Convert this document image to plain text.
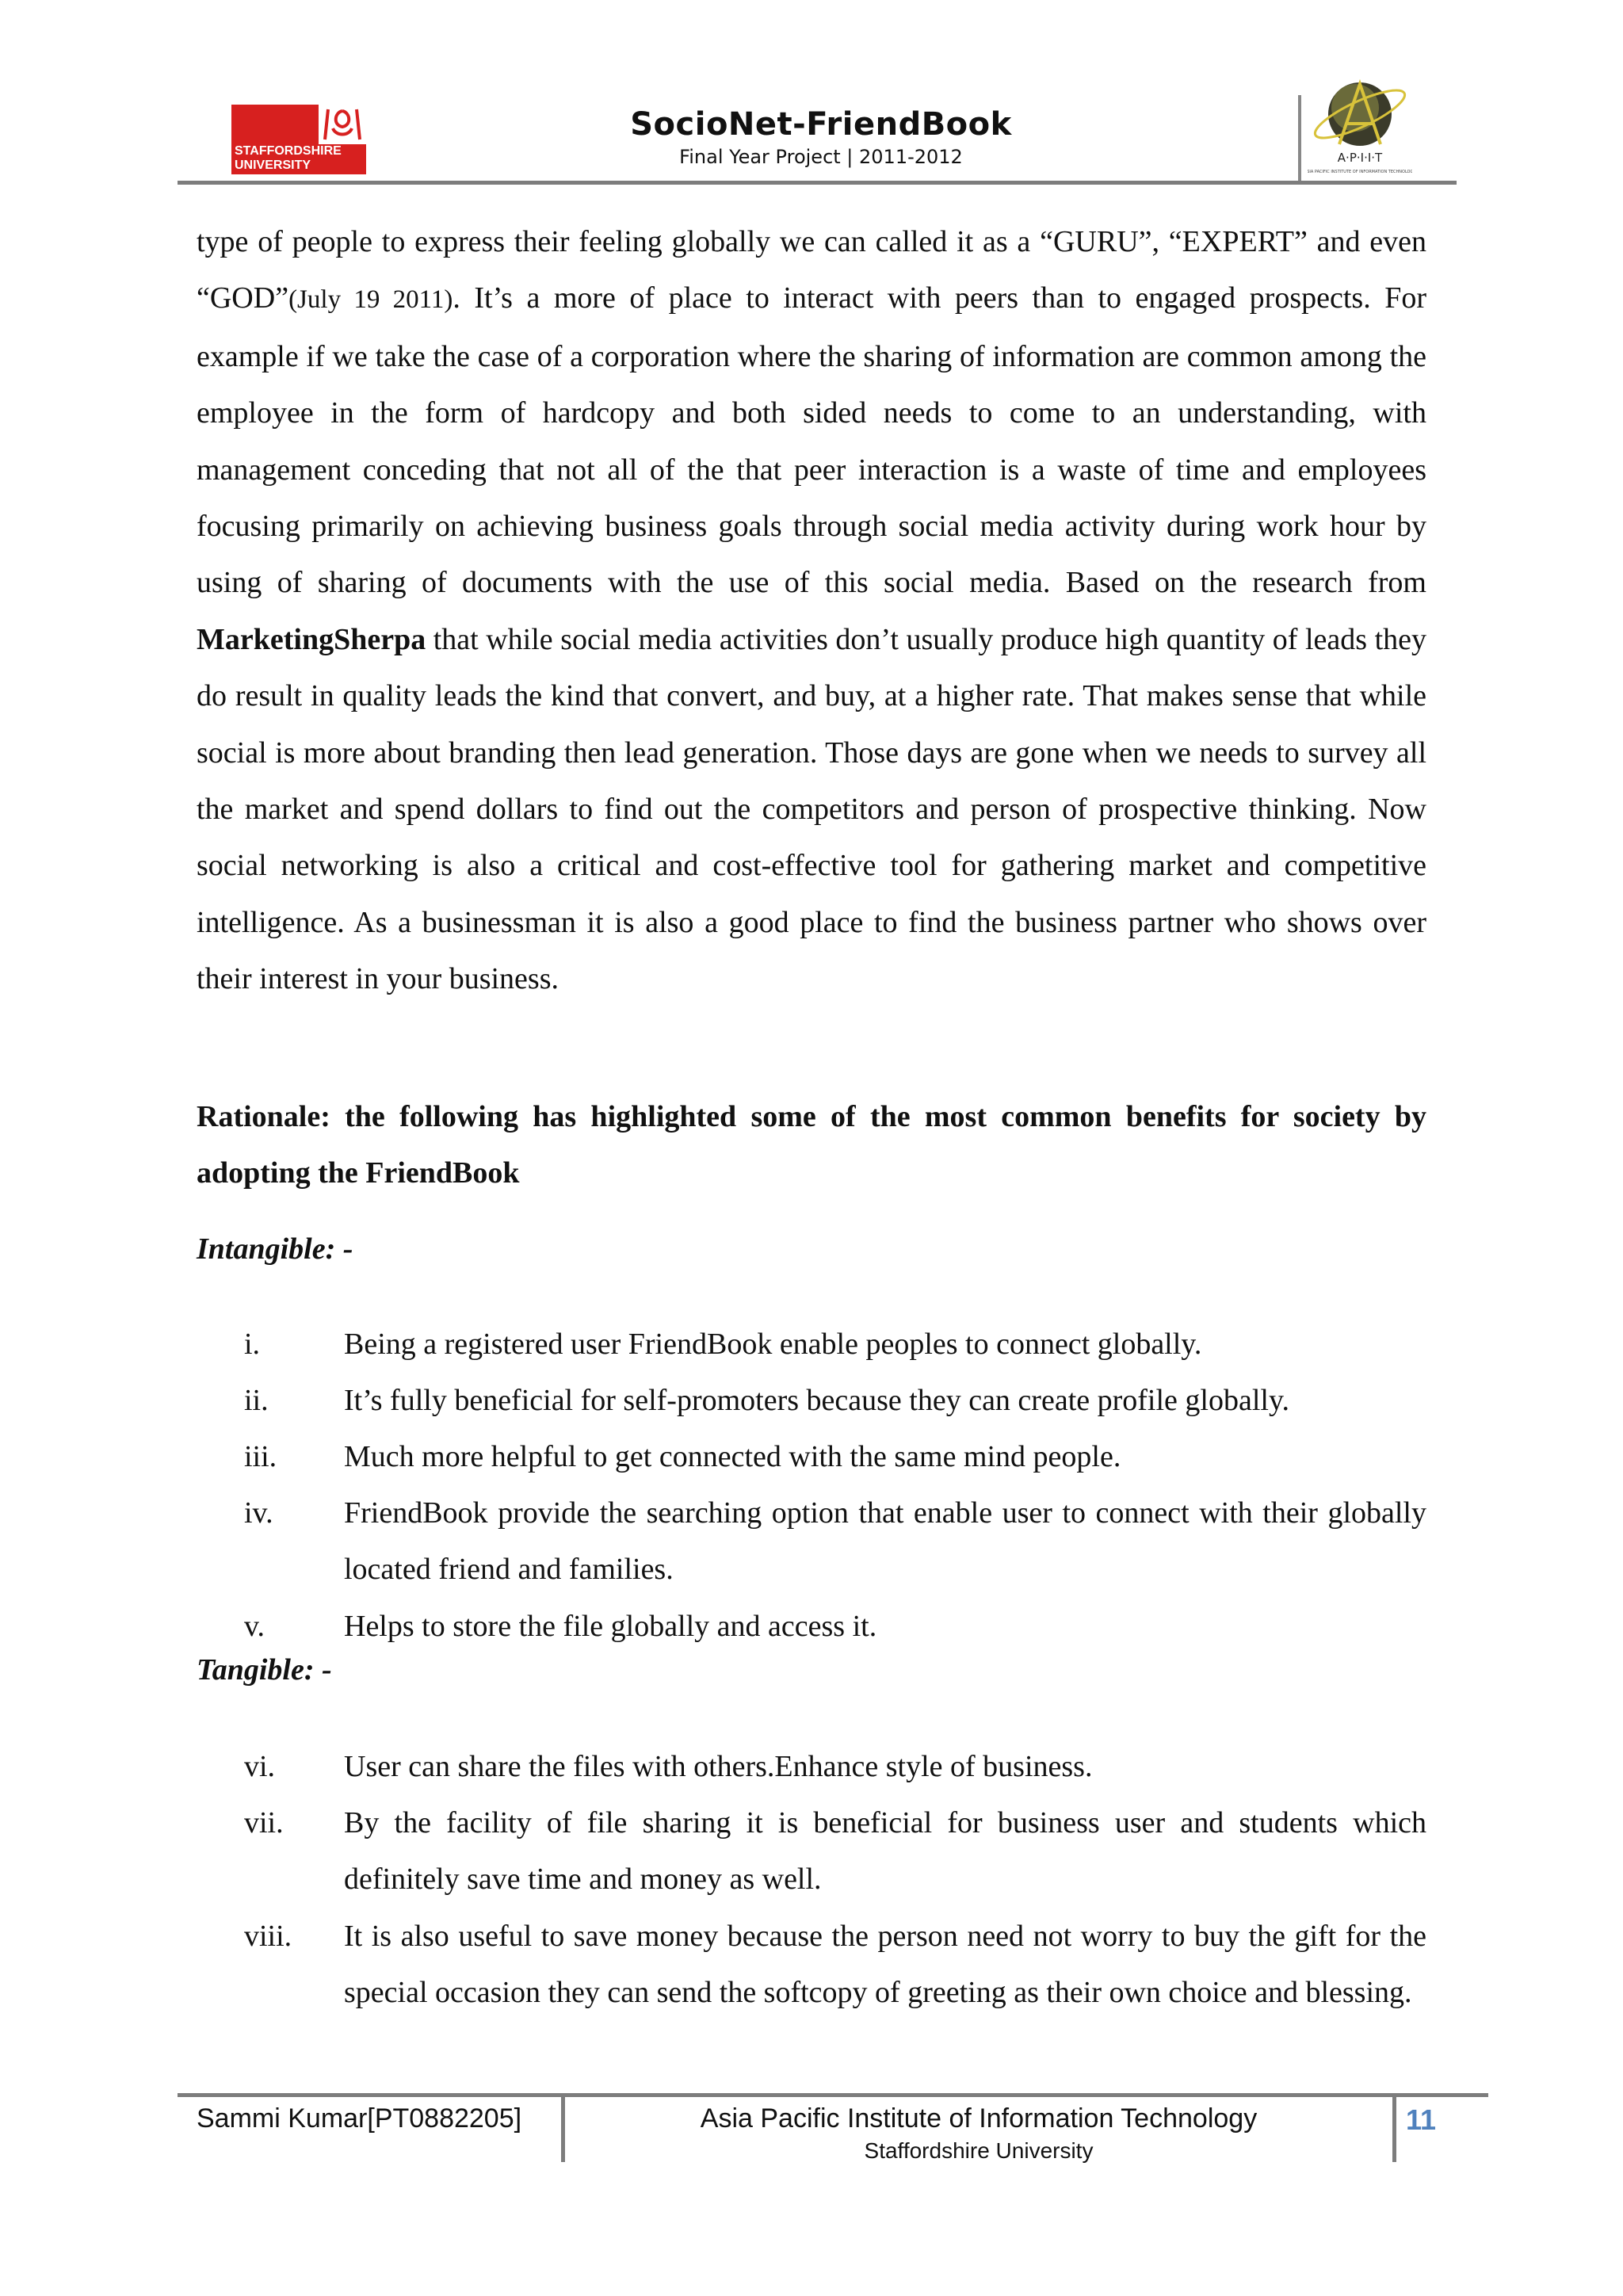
STAFFORDSHIRE UNIVERSITY
A·P·I·I·T
ASIA PACIFIC INSTITUTE OF INFORMATION TECHNOLOGY
SocioNet-FriendBook
Final Year Project | 2011-2012
type of people to express their feeling globally we can called it as a “GURU”, “EXPERT” and even “GOD”(July 19 2011). It’s a more of place to interact with peers than to engaged prospects. For example if we take the case of a corporation where the sharing of information are common among the employee in the form of hardcopy and both sided needs to come to an understanding, with management conceding that not all of the that peer interaction is a waste of time and employees focusing primarily on achieving business goals through social media activity during work hour by using of sharing of documents with the use of this social media. Based on the research from MarketingSherpa that while social media activities don’t usually produce high quantity of leads they do result in quality leads the kind that convert, and buy, at a higher rate. That makes sense that while social is more about branding then lead generation. Those days are gone when we needs to survey all the market and spend dollars to find out the competitors and person of prospective thinking. Now social networking is also a critical and cost-effective tool for gathering market and competitive intelligence. As a businessman it is also a good place to find the business partner who shows over their interest in your business.
Rationale: the following has highlighted some of the most common benefits for society by adopting the FriendBook
Intangible: -
i.	Being a registered user FriendBook enable peoples to connect globally.
ii.	It’s fully beneficial for self-promoters because they can create profile globally.
iii. Much more helpful to get connected with the same mind people.
iv. FriendBook provide the searching option that enable user to connect with their globally located friend and families.
v.	Helps to store the file globally and access it.
Tangible: -
vi. User can share the files with others.Enhance style of business.
vii. By the facility of file sharing it is beneficial for business user and students which definitely save time and money as well.
viii. It is also useful to save money because the person need not worry to buy the gift for the special occasion they can send the softcopy of greeting as their own choice and blessing.
Sammi Kumar[PT0882205]	Asia Pacific Institute of Information Technology
Staffordshire University
11
